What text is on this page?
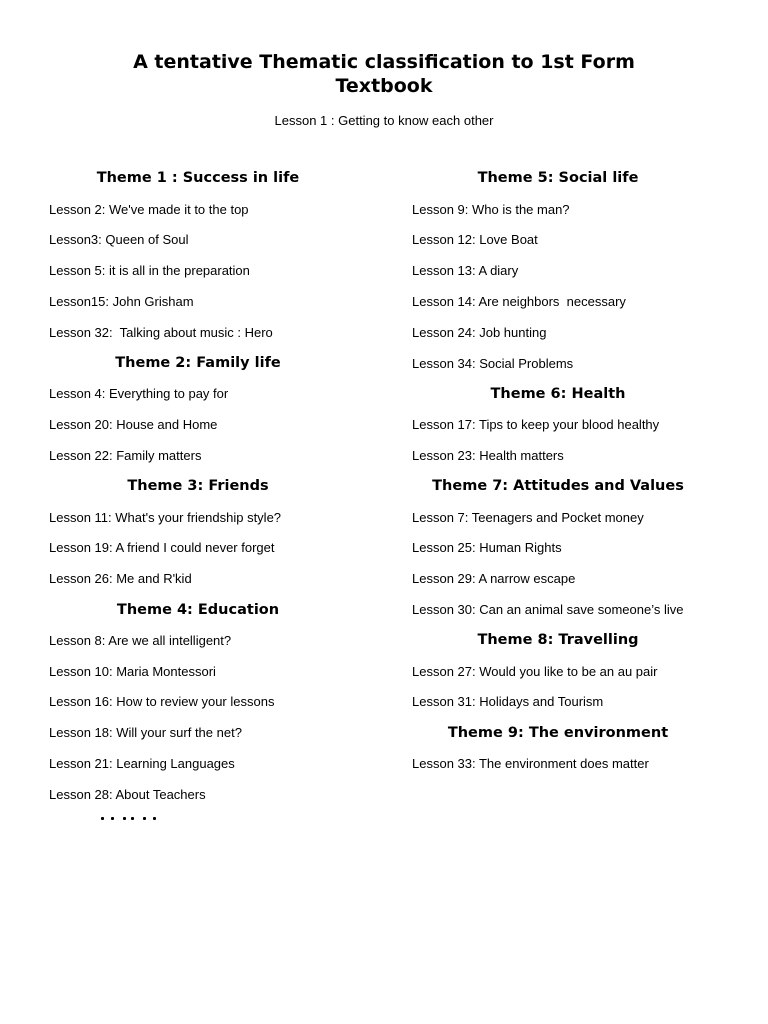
A tentative Thematic classification to 1st Form Textbook

Lesson 1 : Getting to know each other

Theme 1 : Success in life
Lesson 2: We've made it to the top
Lesson3: Queen of Soul
Lesson 5: it is all in the preparation
Lesson15: John Grisham
Lesson 32:  Talking about music : Hero
Theme 2: Family life
Lesson 4: Everything to pay for
Lesson 20: House and Home
Lesson 22: Family matters
Theme 3: Friends
Lesson 11: What's your friendship style?
Lesson 19: A friend I could never forget
Lesson 26: Me and R'kid
Theme 4: Education
Lesson 8: Are we all intelligent?
Lesson 10: Maria Montessori
Lesson 16: How to review your lessons
Lesson 18: Will your surf the net?
Lesson 21: Learning Languages
Lesson 28: About Teachers
Theme 5: Social life
Lesson 9: Who is the man?
Lesson 12: Love Boat
Lesson 13: A diary
Lesson 14: Are neighbors  necessary
Lesson 24: Job hunting
Lesson 34: Social Problems
Theme 6: Health
Lesson 17: Tips to keep your blood healthy
Lesson 23: Health matters
Theme 7: Attitudes and Values
Lesson 7: Teenagers and Pocket money
Lesson 25: Human Rights
Lesson 29: A narrow escape
Lesson 30: Can an animal save someone’s live
Theme 8: Travelling
Lesson 27: Would you like to be an au pair
Lesson 31: Holidays and Tourism
Theme 9: The environment
Lesson 33: The environment does matter
